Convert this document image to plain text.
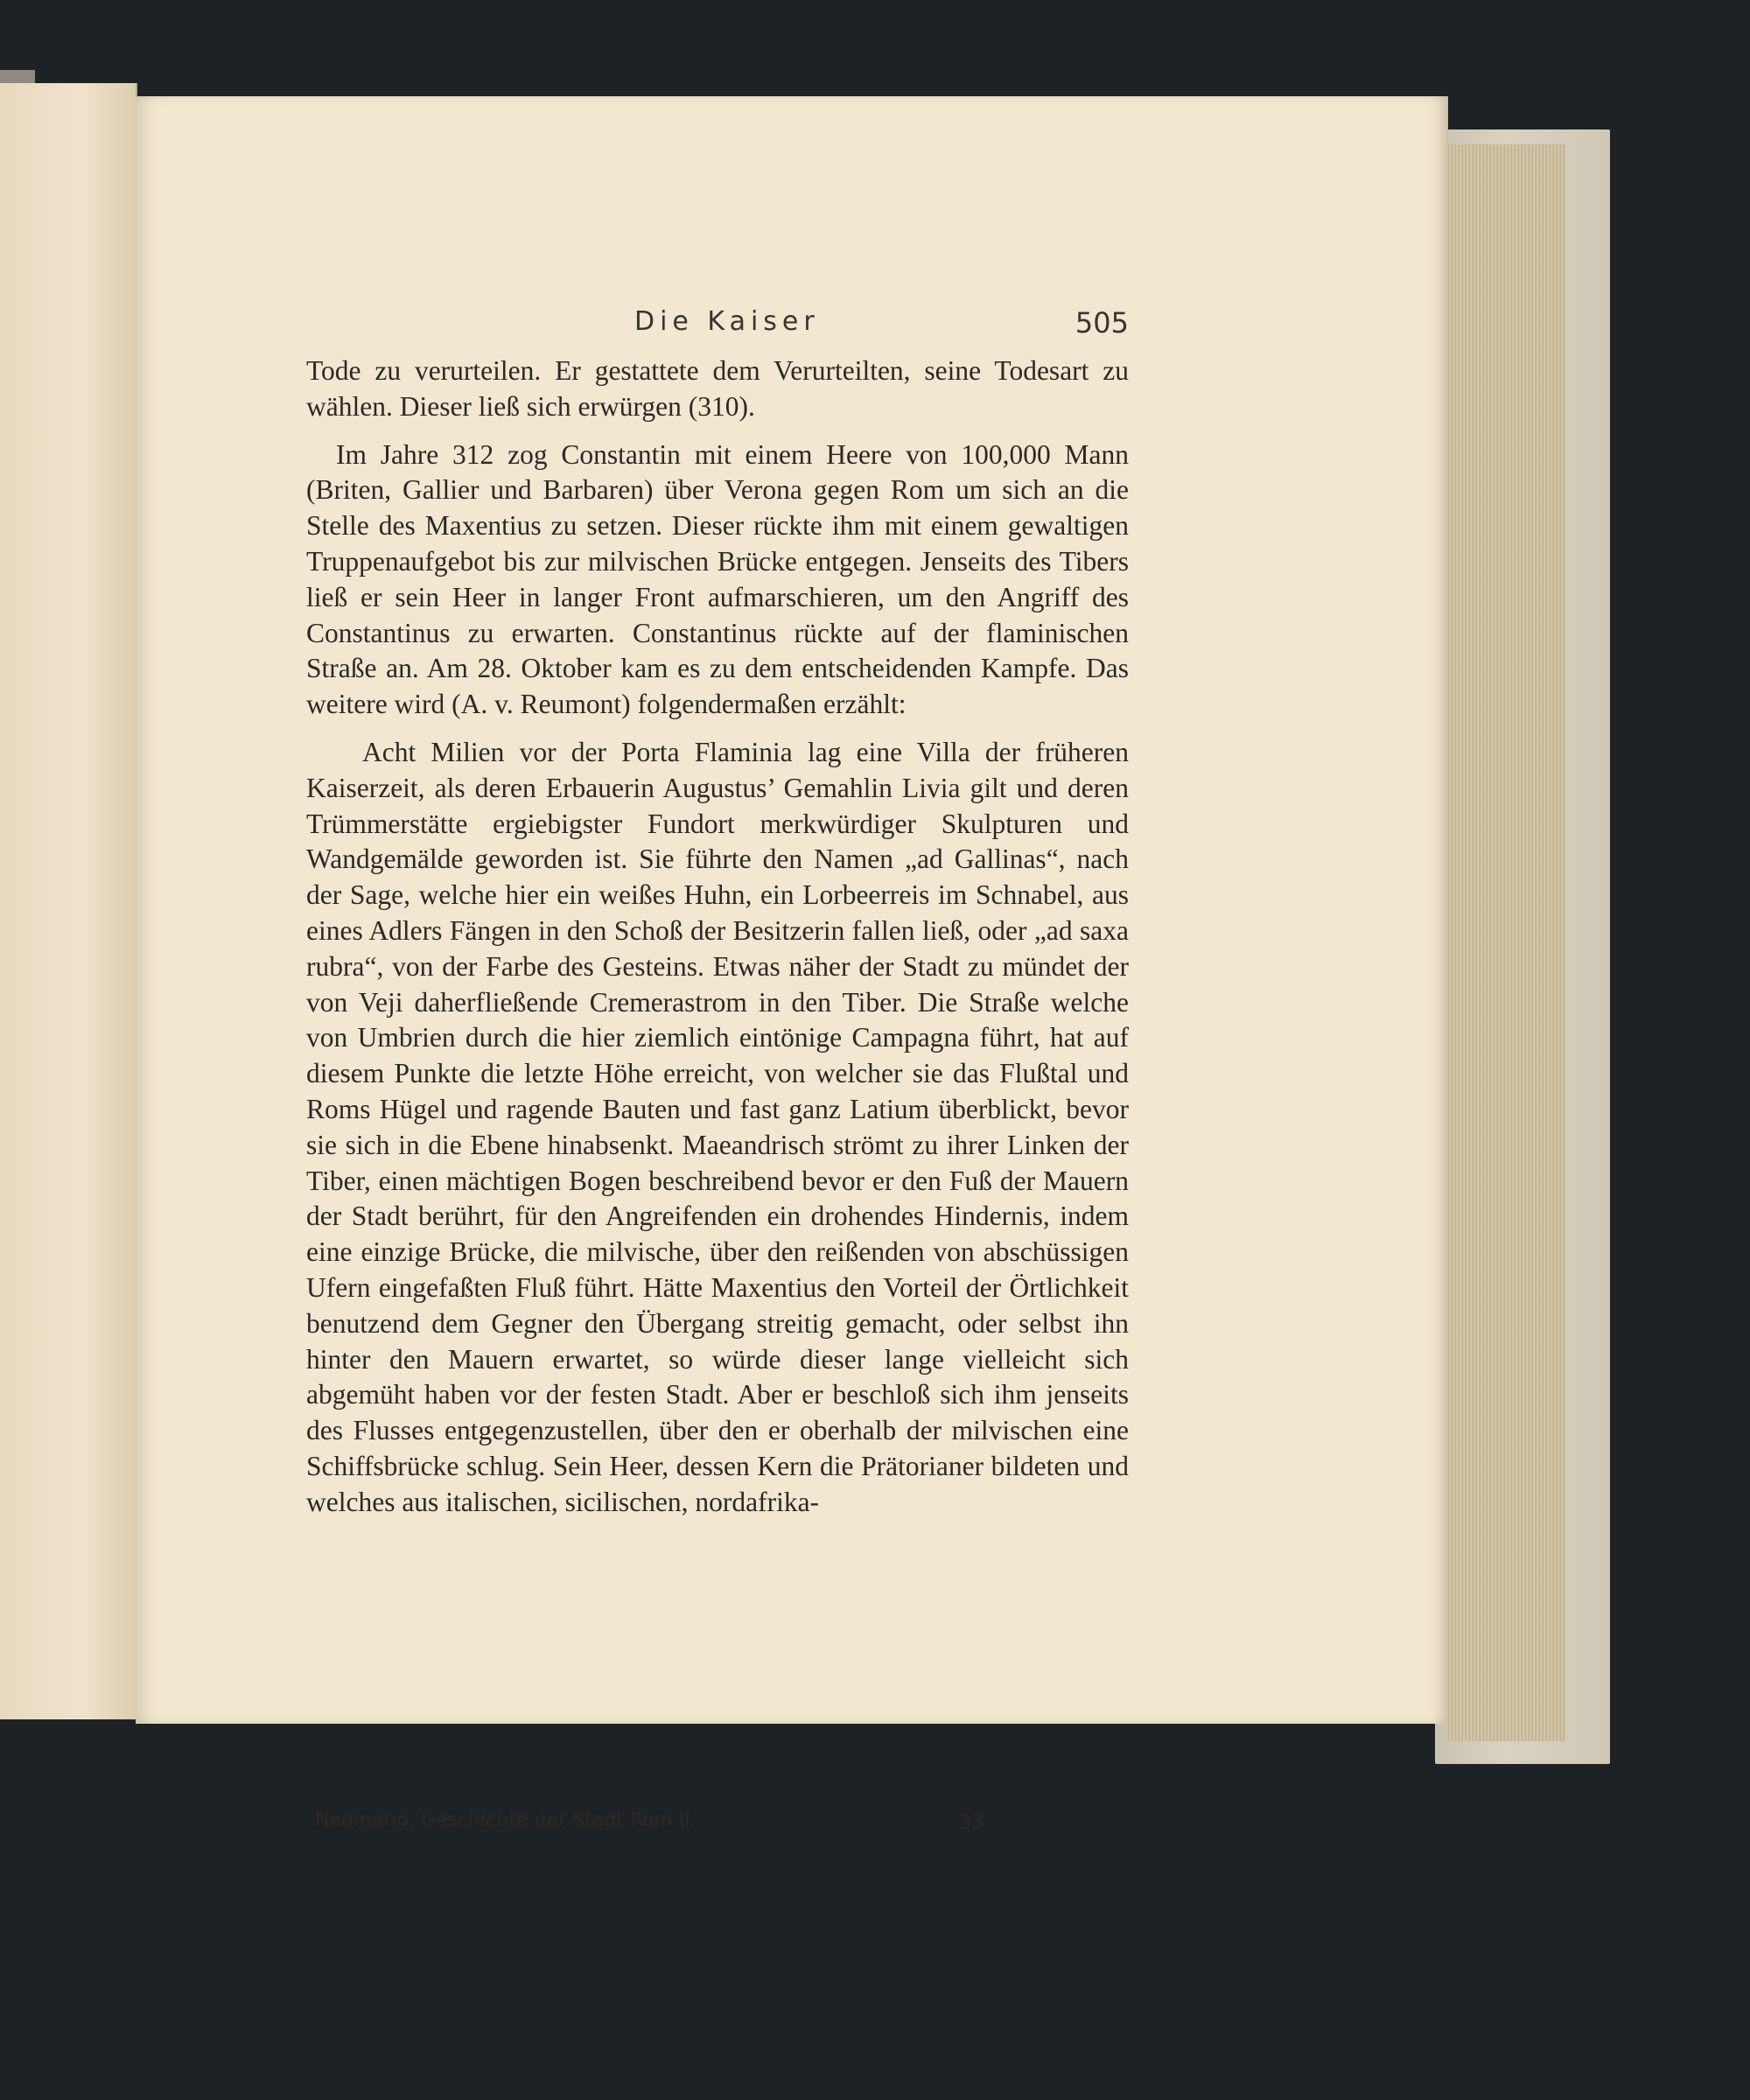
Die Kaiser	505

Tode zu verurteilen. Er gestattete dem Verurteilten, seine Todesart zu wählen. Dieser ließ sich erwürgen (310).

Im Jahre 312 zog Constantin mit einem Heere von 100,000 Mann (Briten, Gallier und Barbaren) über Verona gegen Rom um sich an die Stelle des Maxentius zu setzen. Dieser rückte ihm mit einem gewaltigen Truppenaufgebot bis zur milvischen Brücke entgegen. Jenseits des Tibers ließ er sein Heer in langer Front aufmarschieren, um den Angriff des Constantinus zu erwarten. Constantinus rückte auf der flaminischen Straße an. Am 28. Oktober kam es zu dem entscheidenden Kampfe. Das weitere wird (A. v. Reumont) folgendermaßen erzählt:

Acht Milien vor der Porta Flaminia lag eine Villa der früheren Kaiserzeit, als deren Erbauerin Augustus’ Gemahlin Livia gilt und deren Trümmerstätte ergiebigster Fundort merkwürdiger Skulpturen und Wandgemälde geworden ist. Sie führte den Namen „ad Gallinas“, nach der Sage, welche hier ein weißes Huhn, ein Lorbeerreis im Schnabel, aus eines Adlers Fängen in den Schoß der Besitzerin fallen ließ, oder „ad saxa rubra“, von der Farbe des Gesteins. Etwas näher der Stadt zu mündet der von Veji daherfließende Cremerastrom in den Tiber. Die Straße welche von Umbrien durch die hier ziemlich eintönige Campagna führt, hat auf diesem Punkte die letzte Höhe erreicht, von welcher sie das Flußtal und Roms Hügel und ragende Bauten und fast ganz Latium überblickt, bevor sie sich in die Ebene hinabsenkt. Maeandrisch strömt zu ihrer Linken der Tiber, einen mächtigen Bogen beschreibend bevor er den Fuß der Mauern der Stadt berührt, für den Angreifenden ein drohendes Hindernis, indem eine einzige Brücke, die milvische, über den reißenden von abschüssigen Ufern eingefaßten Fluß führt. Hätte Maxentius den Vorteil der Örtlichkeit benutzend dem Gegner den Übergang streitig gemacht, oder selbst ihn hinter den Mauern erwartet, so würde dieser lange vielleicht sich abgemüht haben vor der festen Stadt. Aber er beschloß sich ihm jenseits des Flusses entgegenzustellen, über den er oberhalb der milvischen eine Schiffsbrücke schlug. Sein Heer, dessen Kern die Prätorianer bildeten und welches aus italischen, sicilischen, nordafrika-

Neomario, Geschichte der Stadt Rom II.	33
